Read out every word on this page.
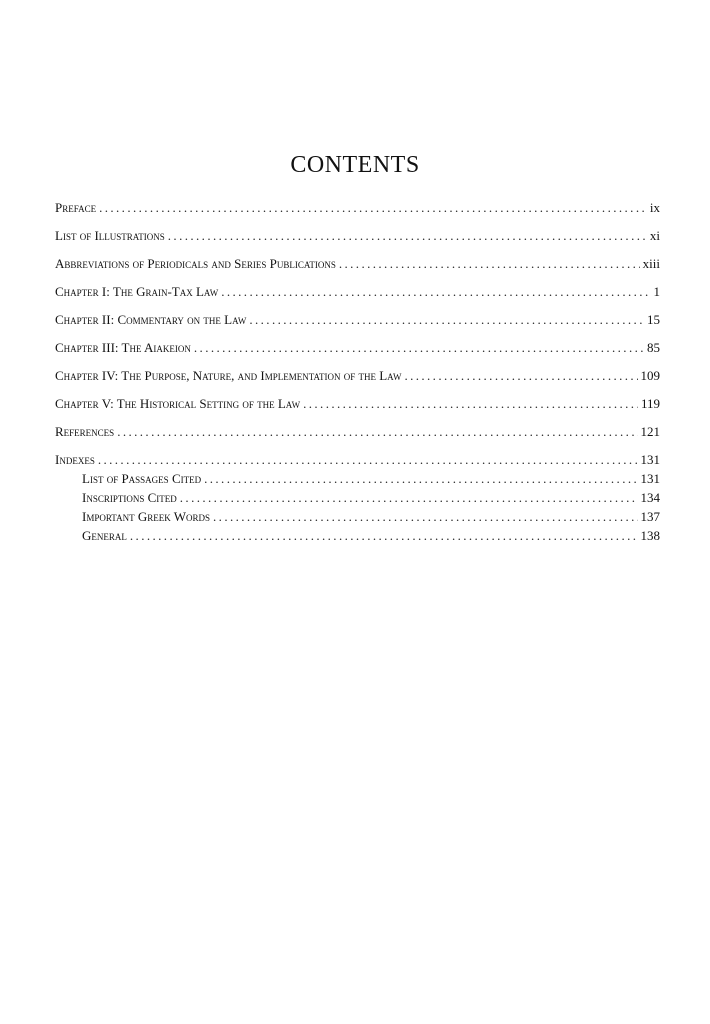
CONTENTS
Preface .....	ix
List of Illustrations .....	xi
Abbreviations of Periodicals and Series Publications .....	xiii
Chapter I: The Grain-Tax Law .....	1
Chapter II: Commentary on the Law .....	15
Chapter III: The Aiakeion .....	85
Chapter IV: The Purpose, Nature, and Implementation of the Law .....	109
Chapter V: The Historical Setting of the Law .....	119
References .....	121
Indexes .....	131
List of Passages Cited .....	131
Inscriptions Cited .....	134
Important Greek Words .....	137
General .....	138
